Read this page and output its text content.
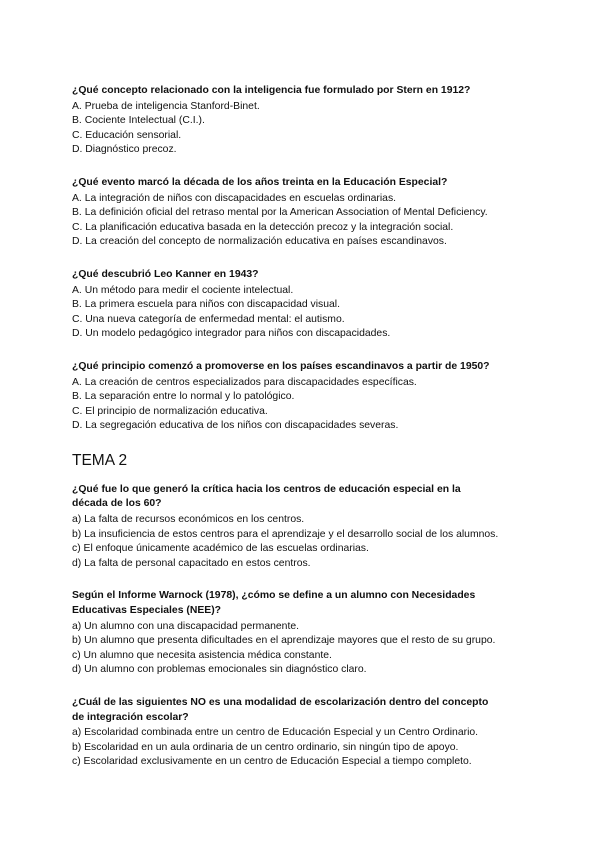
¿Qué concepto relacionado con la inteligencia fue formulado por Stern en 1912?
A. Prueba de inteligencia Stanford-Binet.
B. Cociente Intelectual (C.I.).
C. Educación sensorial.
D. Diagnóstico precoz.
¿Qué evento marcó la década de los años treinta en la Educación Especial?
A. La integración de niños con discapacidades en escuelas ordinarias.
B. La definición oficial del retraso mental por la American Association of Mental Deficiency.
C. La planificación educativa basada en la detección precoz y la integración social.
D. La creación del concepto de normalización educativa en países escandinavos.
¿Qué descubrió Leo Kanner en 1943?
A. Un método para medir el cociente intelectual.
B. La primera escuela para niños con discapacidad visual.
C. Una nueva categoría de enfermedad mental: el autismo.
D. Un modelo pedagógico integrador para niños con discapacidades.
¿Qué principio comenzó a promoverse en los países escandinavos a partir de 1950?
A. La creación de centros especializados para discapacidades específicas.
B. La separación entre lo normal y lo patológico.
C. El principio de normalización educativa.
D. La segregación educativa de los niños con discapacidades severas.
TEMA 2
¿Qué fue lo que generó la crítica hacia los centros de educación especial en la
década de los 60?
a) La falta de recursos económicos en los centros.
b) La insuficiencia de estos centros para el aprendizaje y el desarrollo social de los alumnos.
c) El enfoque únicamente académico de las escuelas ordinarias.
d) La falta de personal capacitado en estos centros.
Según el Informe Warnock (1978), ¿cómo se define a un alumno con Necesidades
Educativas Especiales (NEE)?
a) Un alumno con una discapacidad permanente.
b) Un alumno que presenta dificultades en el aprendizaje mayores que el resto de su grupo.
c) Un alumno que necesita asistencia médica constante.
d) Un alumno con problemas emocionales sin diagnóstico claro.
¿Cuál de las siguientes NO es una modalidad de escolarización dentro del concepto
de integración escolar?
a) Escolaridad combinada entre un centro de Educación Especial y un Centro Ordinario.
b) Escolaridad en un aula ordinaria de un centro ordinario, sin ningún tipo de apoyo.
c) Escolaridad exclusivamente en un centro de Educación Especial a tiempo completo.
